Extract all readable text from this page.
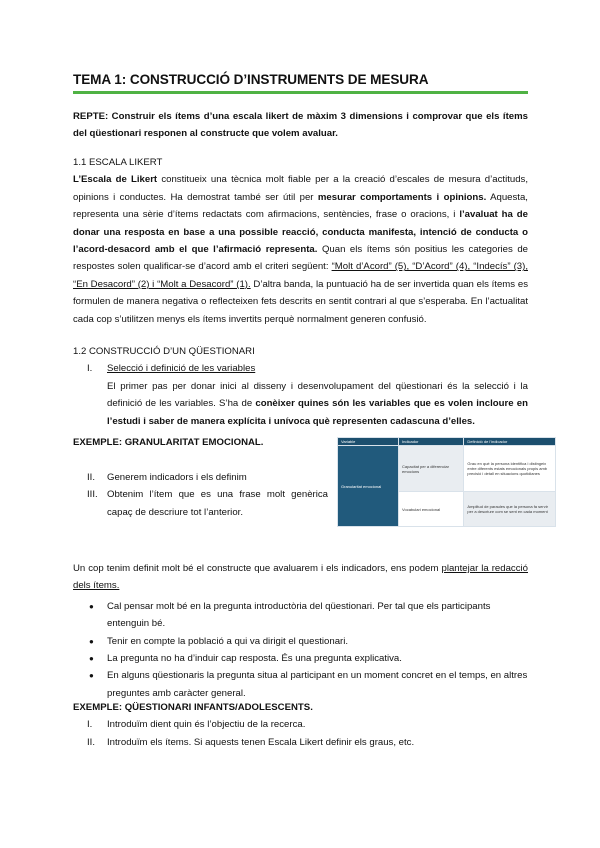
TEMA 1: CONSTRUCCIÓ D’INSTRUMENTS DE MESURA

REPTE: Construir els ítems d’una escala likert de màxim 3 dimensions i comprovar que els ítems del qüestionari responen al constructe que volem avaluar.

1.1 ESCALA LIKERT

L’Escala de Likert constitueix una tècnica molt fiable per a la creació d’escales de mesura d’actituds, opinions i conductes. Ha demostrat també ser útil per mesurar comportaments i opinions. Aquesta, representa una sèrie d’ítems redactats com afirmacions, sentències, frase o oracions, i l’avaluat ha de donar una resposta en base a una possible reacció, conducta manifesta, intenció de conducta o l’acord-desacord amb el que l’afirmació representa. Quan els ítems són positius les categories de respostes solen qualificar-se d’acord amb el criteri següent: “Molt d’Acord” (5), “D’Acord” (4), “Indecís” (3), “En Desacord” (2) i “Molt a Desacord” (1). D’altra banda, la puntuació ha de ser invertida quan els ítems es formulen de manera negativa o reflecteixen fets descrits en sentit contrari al que s’esperaba. En l’actualitat cada cop s’utilitzen menys els ítems invertits perquè normalment generen confusió.

1.2 CONSTRUCCIÓ D’UN QÜESTIONARI
I. Selecció i definició de les variables

El primer pas per donar inici al disseny i desenvolupament del qüestionari és la selecció i la definició de les variables. S’ha de conèixer quines són les variables que es volen incloure en l’estudi i saber de manera explícita i unívoca què representen cadascuna d’elles.

EXEMPLE: GRANULARITAT EMOCIONAL.
II. Generem indicadors i els definim
III. Obtenim l’ítem que es una frase molt genèrica capaç de descriure tot l’anterior.

Variable	Indicador	Definició de l'indicador
Granularitat emocional	Capacitat per a diferenciar emocions	Grau en què la persona identifica i distingeix entre diferents estats emocionals propis amb precisió i detall en situacions quotidianes
	Vocabulari emocional	Amplitud de paraules que la persona fa servir per a descriure com se sent en cada moment

Un cop tenim definit molt bé el constructe que avaluarem i els indicadors, ens podem plantejar la redacció dels ítems.

● Cal pensar molt bé en la pregunta introductòria del qüestionari. Per tal que els participants entenguin bé.
● Tenir en compte la població a qui va dirigit el questionari.
● La pregunta no ha d’induir cap resposta. És una pregunta explicativa.
● En alguns qüestionaris la pregunta situa al participant en un moment concret en el temps, en altres preguntes amb caràcter general.
EXEMPLE: QÜESTIONARI INFANTS/ADOLESCENTS.
I. Introduïm dient quin és l’objectiu de la recerca.
II. Introduïm els ítems. Si aquests tenen Escala Likert definir els graus, etc.
